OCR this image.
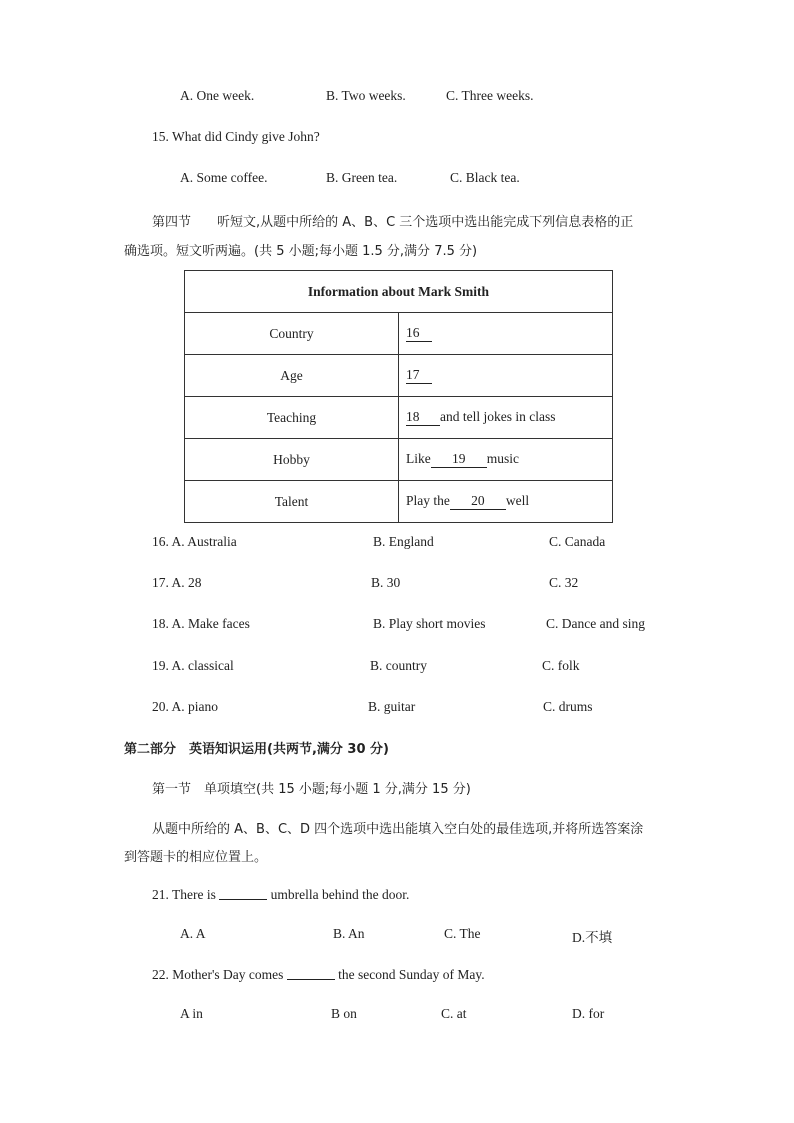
A. One week.	B. Two weeks.	C. Three weeks.
15. What did Cindy give John?
A. Some coffee.	B. Green tea.	C. Black tea.
第四节　　听短文,从题中所给的 A、B、C 三个选项中选出能完成下列信息表格的正
确选项。短文听两遍。(共 5 小题;每小题 1.5 分,满分 7.5 分)
Information about Mark Smith	
Country	16
Age	17
Teaching	18 and tell jokes in class
Hobby	Like 19 music
Talent	Play the 20 well
16. A. Australia	B. England	C. Canada
17. A. 28	B. 30	C. 32
18. A. Make faces	B. Play short movies	C. Dance and sing
19. A. classical	B. country	C. folk
20. A. piano	B. guitar	C. drums
第二部分　英语知识运用(共两节,满分 30 分)
第一节　单项填空(共 15 小题;每小题 1 分,满分 15 分)
从题中所给的 A、B、C、D 四个选项中选出能填入空白处的最佳选项,并将所选答案涂
到答题卡的相应位置上。
21. There is	umbrella behind the door.
A. A	B. An	C. The	D.不填
22. Mother's Day comes	the second Sunday of May.
A in	B on	C. at	D. for
